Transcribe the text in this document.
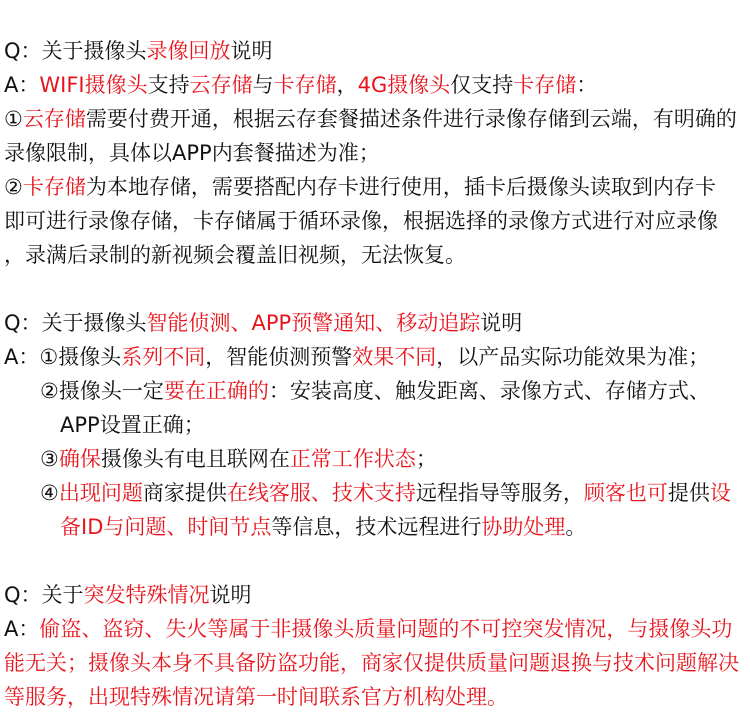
Q：关于摄像头录像回放说明
A：WIFI摄像头支持云存储与卡存储，4G摄像头仅支持卡存储：
①云存储需要付费开通，根据云存套餐描述条件进行录像存储到云端，有明确的
录像限制，具体以APP内套餐描述为准；
②卡存储为本地存储，需要搭配内存卡进行使用，插卡后摄像头读取到内存卡
即可进行录像存储，卡存储属于循环录像，根据选择的录像方式进行对应录像
，录满后录制的新视频会覆盖旧视频，无法恢复。
Q：关于摄像头智能侦测、APP预警通知、移动追踪说明
A：①摄像头系列不同，智能侦测预警效果不同，以产品实际功能效果为准；
②摄像头一定要在正确的：安装高度、触发距离、录像方式、存储方式、
APP设置正确；
③确保摄像头有电且联网在正常工作状态；
④出现问题商家提供在线客服、技术支持远程指导等服务，顾客也可提供设
备ID与问题、时间节点等信息，技术远程进行协助处理。
Q：关于突发特殊情况说明
A：偷盗、盗窃、失火等属于非摄像头质量问题的不可控突发情况，与摄像头功
能无关；摄像头本身不具备防盗功能，商家仅提供质量问题退换与技术问题解决
等服务，出现特殊情况请第一时间联系官方机构处理。
